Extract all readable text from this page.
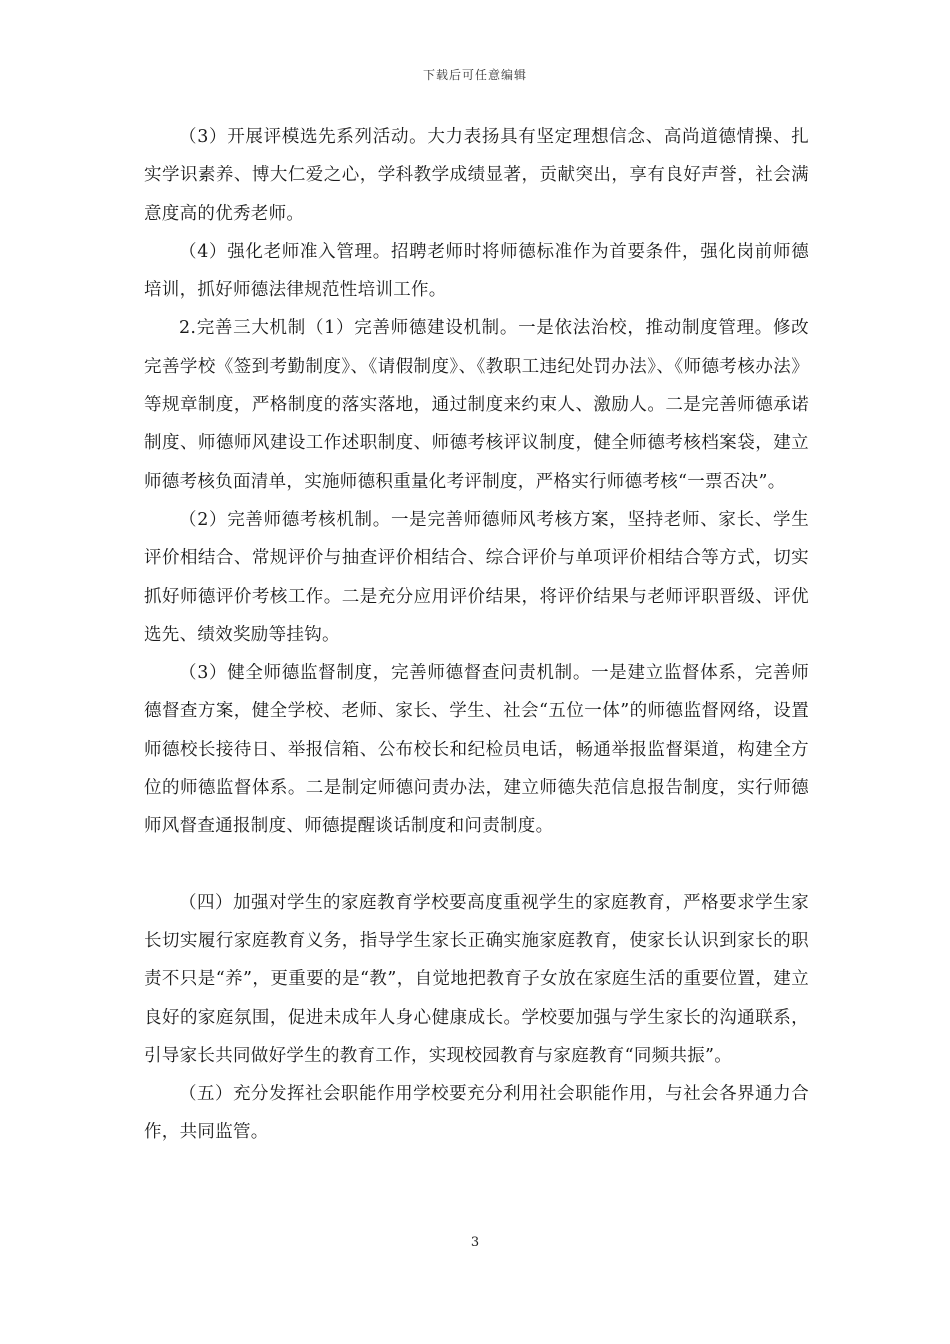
下载后可任意编辑

（3）开展评模选先系列活动。大力表扬具有坚定理想信念、高尚道德情操、扎实学识素养、博大仁爱之心，学科教学成绩显著，贡献突出，享有良好声誉，社会满意度高的优秀老师。

（4）强化老师准入管理。招聘老师时将师德标准作为首要条件，强化岗前师德培训，抓好师德法律规范性培训工作。

2.完善三大机制（1）完善师德建设机制。一是依法治校，推动制度管理。修改完善学校《签到考勤制度》、《请假制度》、《教职工违纪处罚办法》、《师德考核办法》等规章制度，严格制度的落实落地，通过制度来约束人、激励人。二是完善师德承诺制度、师德师风建设工作述职制度、师德考核评议制度，健全师德考核档案袋，建立师德考核负面清单，实施师德积重量化考评制度，严格实行师德考核“一票否决”。

（2）完善师德考核机制。一是完善师德师风考核方案，坚持老师、家长、学生评价相结合、常规评价与抽查评价相结合、综合评价与单项评价相结合等方式，切实抓好师德评价考核工作。二是充分应用评价结果，将评价结果与老师评职晋级、评优选先、绩效奖励等挂钩。

（3）健全师德监督制度，完善师德督查问责机制。一是建立监督体系，完善师德督查方案，健全学校、老师、家长、学生、社会“五位一体”的师德监督网络，设置师德校长接待日、举报信箱、公布校长和纪检员电话，畅通举报监督渠道，构建全方位的师德监督体系。二是制定师德问责办法，建立师德失范信息报告制度，实行师德师风督查通报制度、师德提醒谈话制度和问责制度。

（四）加强对学生的家庭教育学校要高度重视学生的家庭教育，严格要求学生家长切实履行家庭教育义务，指导学生家长正确实施家庭教育，使家长认识到家长的职责不只是“养”，更重要的是“教”，自觉地把教育子女放在家庭生活的重要位置，建立良好的家庭氛围，促进未成年人身心健康成长。学校要加强与学生家长的沟通联系，引导家长共同做好学生的教育工作，实现校园教育与家庭教育“同频共振”。

（五）充分发挥社会职能作用学校要充分利用社会职能作用，与社会各界通力合作，共同监管。

3
